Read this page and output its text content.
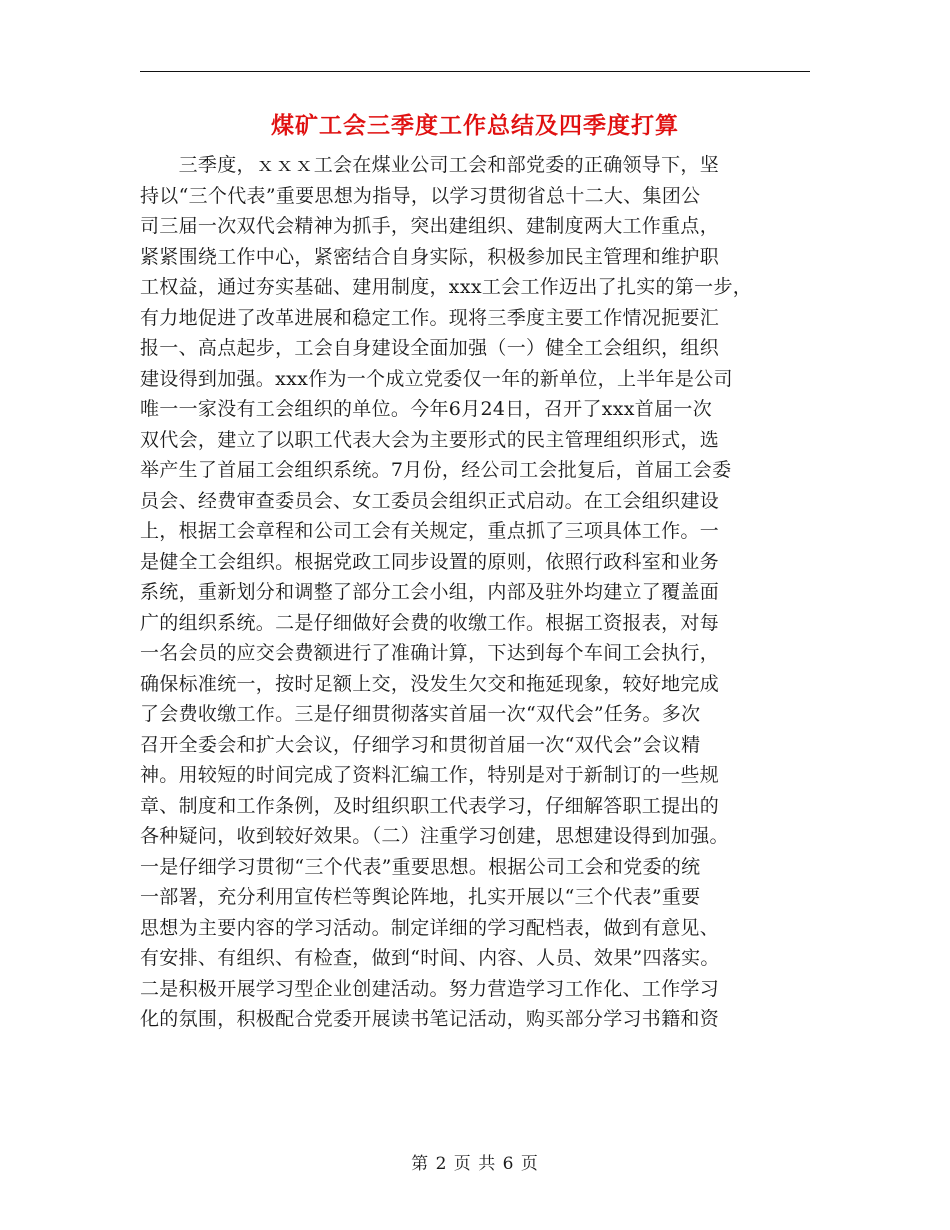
煤矿工会三季度工作总结及四季度打算
　　三季度，ｘｘｘ工会在煤业公司工会和部党委的正确领导下，坚
持以“三个代表”重要思想为指导，以学习贯彻省总十二大、集团公
司三届一次双代会精神为抓手，突出建组织、建制度两大工作重点，
紧紧围绕工作中心，紧密结合自身实际，积极参加民主管理和维护职
工权益，通过夯实基础、建用制度，xxx工会工作迈出了扎实的第一步，
有力地促进了改革进展和稳定工作。现将三季度主要工作情况扼要汇
报一、高点起步，工会自身建设全面加强（一）健全工会组织，组织
建设得到加强。xxx作为一个成立党委仅一年的新单位，上半年是公司
唯一一家没有工会组织的单位。今年6月24日，召开了xxx首届一次
双代会，建立了以职工代表大会为主要形式的民主管理组织形式，选
举产生了首届工会组织系统。7月份，经公司工会批复后，首届工会委
员会、经费审查委员会、女工委员会组织正式启动。在工会组织建设
上，根据工会章程和公司工会有关规定，重点抓了三项具体工作。一
是健全工会组织。根据党政工同步设置的原则，依照行政科室和业务
系统，重新划分和调整了部分工会小组，内部及驻外均建立了覆盖面
广的组织系统。二是仔细做好会费的收缴工作。根据工资报表，对每
一名会员的应交会费额进行了准确计算，下达到每个车间工会执行，
确保标准统一，按时足额上交，没发生欠交和拖延现象，较好地完成
了会费收缴工作。三是仔细贯彻落实首届一次“双代会”任务。多次
召开全委会和扩大会议，仔细学习和贯彻首届一次“双代会”会议精
神。用较短的时间完成了资料汇编工作，特别是对于新制订的一些规
章、制度和工作条例，及时组织职工代表学习，仔细解答职工提出的
各种疑问，收到较好效果。（二）注重学习创建，思想建设得到加强。
一是仔细学习贯彻“三个代表”重要思想。根据公司工会和党委的统
一部署，充分利用宣传栏等舆论阵地，扎实开展以“三个代表”重要
思想为主要内容的学习活动。制定详细的学习配档表，做到有意见、
有安排、有组织、有检查，做到“时间、内容、人员、效果”四落实。
二是积极开展学习型企业创建活动。努力营造学习工作化、工作学习
化的氛围，积极配合党委开展读书笔记活动，购买部分学习书籍和资
第 2 页 共 6 页
